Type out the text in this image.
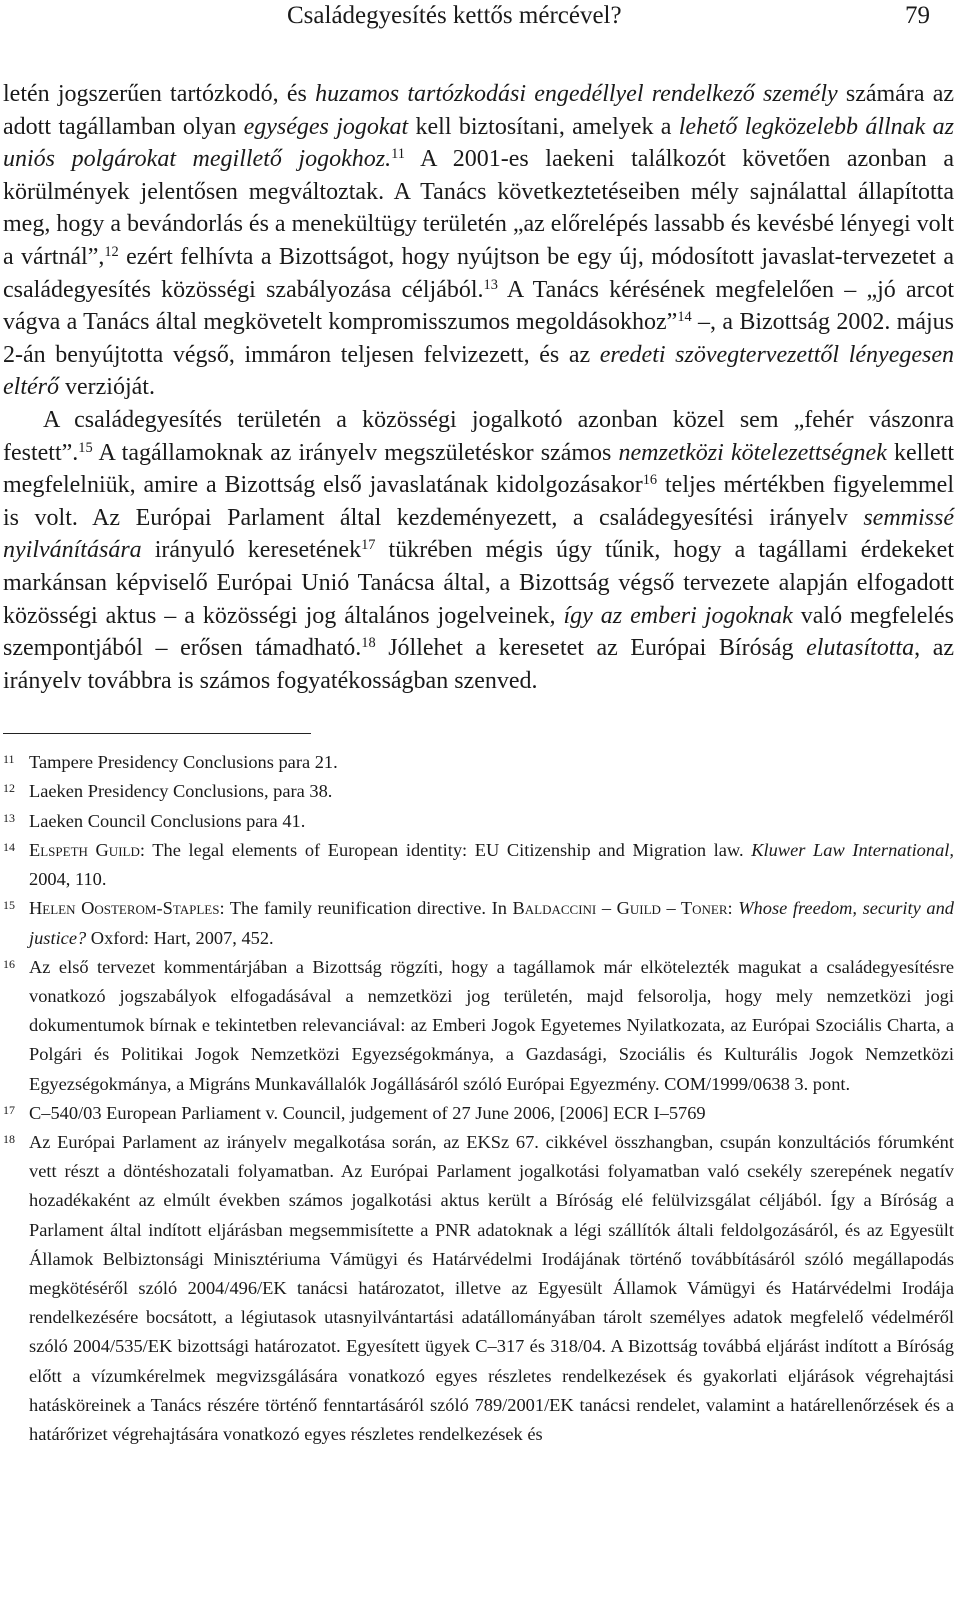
Családegyesítés kettős mércével?	79

letén jogszerűen tartózkodó, és huzamos tartózkodási engedéllyel rendelkező személy számára az adott tagállamban olyan egységes jogokat kell biztosítani, amelyek a lehető legközelebb állnak az uniós polgárokat megillető jogokhoz.$^{11}$ A 2001-es laekeni találkozót követően azonban a körülmények jelentősen megváltoztak. A Tanács következtetéseiben mély sajnálattal állapította meg, hogy a bevándorlás és a menekültügy területén „az előrelépés lassabb és kevésbé lényegi volt a vártnál”,$^{12}$ ezért felhívta a Bizottságot, hogy nyújtson be egy új, módosított javaslat-tervezetet a családegyesítés közösségi szabályozása céljából.$^{13}$ A Tanács kérésének megfelelően – „jó arcot vágva a Tanács által megkövetelt kompromisszumos megoldásokhoz”$^{14}$ –, a Bizottság 2002. május 2-án benyújtotta végső, immáron teljesen felvizezett, és az eredeti szövegtervezettől lényegesen eltérő verzióját.

A családegyesítés területén a közösségi jogalkotó azonban közel sem „fehér vászonra festett”.$^{15}$ A tagállamoknak az irányelv megszületéskor számos nemzetközi kötelezettségnek kellett megfelelniük, amire a Bizottság első javaslatának kidolgozásakor$^{16}$ teljes mértékben figyelemmel is volt. Az Európai Parlament által kezdeményezett, a családegyesítési irányelv semmissé nyilvánítására irányuló keresetének$^{17}$ tükrében mégis úgy tűnik, hogy a tagállami érdekeket markánsan képviselő Európai Unió Tanácsa által, a Bizottság végső tervezete alapján elfogadott közösségi aktus – a közösségi jog általános jogelveinek, így az emberi jogoknak való megfelelés szempontjából – erősen támadható.$^{18}$ Jóllehet a keresetet az Európai Bíróság elutasította, az irányelv továbbra is számos fogyatékosságban szenved.

11 Tampere Presidency Conclusions para 21.
12 Laeken Presidency Conclusions, para 38.
13 Laeken Council Conclusions para 41.
14 Elspeth Guild: The legal elements of European identity: EU Citizenship and Migration law. Kluwer Law International, 2004, 110.
15 Helen Oosterom-Staples: The family reunification directive. In Baldaccini – Guild – Toner: Whose freedom, security and justice? Oxford: Hart, 2007, 452.
16 Az első tervezet kommentárjában a Bizottság rögzíti, hogy a tagállamok már elkötelezték magukat a családegyesítésre vonatkozó jogszabályok elfogadásával a nemzetközi jog területén, majd felsorolja, hogy mely nemzetközi jogi dokumentumok bírnak e tekintetben relevanciával: az Emberi Jogok Egyetemes Nyilatkozata, az Európai Szociális Charta, a Polgári és Politikai Jogok Nemzetközi Egyezségokmánya, a Gazdasági, Szociális és Kulturális Jogok Nemzetközi Egyezségokmánya, a Migráns Munkavállalók Jogállásáról szóló Európai Egyezmény. COM/1999/0638 3. pont.
17 C–540/03 European Parliament v. Council, judgement of 27 June 2006, [2006] ECR I–5769
18 Az Európai Parlament az irányelv megalkotása során, az EKSz 67. cikkével összhangban, csupán konzultációs fórumként vett részt a döntéshozatali folyamatban. Az Európai Parlament jogalkotási folyamatban való csekély szerepének negatív hozadékaként az elmúlt években számos jogalkotási aktus került a Bíróság elé felülvizsgálat céljából. Így a Bíróság a Parlament által indított eljárásban megsemmisítette a PNR adatoknak a légi szállítók általi feldolgozásáról, és az Egyesült Államok Belbiztonsági Minisztériuma Vámügyi és Határvédelmi Irodájának történő továbbításáról szóló megállapodás megkötéséről szóló 2004/496/EK tanácsi határozatot, illetve az Egyesült Államok Vámügyi és Határvédelmi Irodája rendelkezésére bocsátott, a légiutasok utasnyilvántartási adatállományában tárolt személyes adatok megfelelő védelméről szóló 2004/535/EK bizottsági határozatot. Egyesített ügyek C–317 és 318/04. A Bizottság továbbá eljárást indított a Bíróság előtt a vízumkérelmek megvizsgálására vonatkozó egyes részletes rendelkezések és gyakorlati eljárások végrehajtási hatásköreinek a Tanács részére történő fenntartásáról szóló 789/2001/EK tanácsi rendelet, valamint a határellenőrzések és a határőrizet végrehajtására vonatkozó egyes részletes rendelkezések és
